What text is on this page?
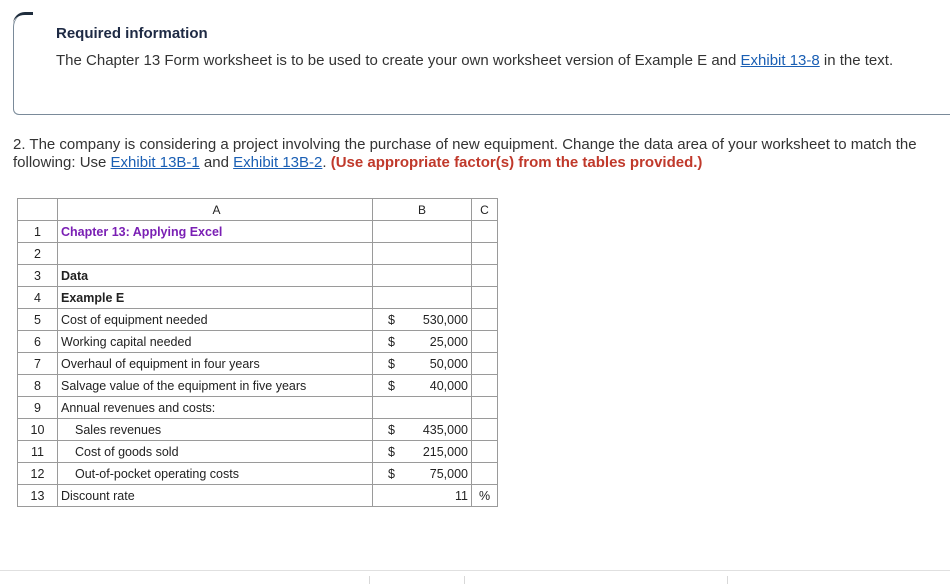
Required information
The Chapter 13 Form worksheet is to be used to create your own worksheet version of Example E and Exhibit 13-8 in the text.
2. The company is considering a project involving the purchase of new equipment. Change the data area of your worksheet to match the following: Use Exhibit 13B-1 and Exhibit 13B-2. (Use appropriate factor(s) from the tables provided.)
	A	B	C
1	Chapter 13: Applying Excel		
2			
3	Data		
4	Example E		
5	Cost of equipment needed	$ 530,000	

6	Working capital needed	$ 25,000	

7	Overhaul of equipment in four years	$ 50,000	

8	Salvage value of the equipment in five years	$ 40,000	

9	Annual revenues and costs:		
10	Sales revenues	$ 435,000	

11	Cost of goods sold	$ 215,000	

12	Out-of-pocket operating costs	$ 75,000	

13	Discount rate	11	%
